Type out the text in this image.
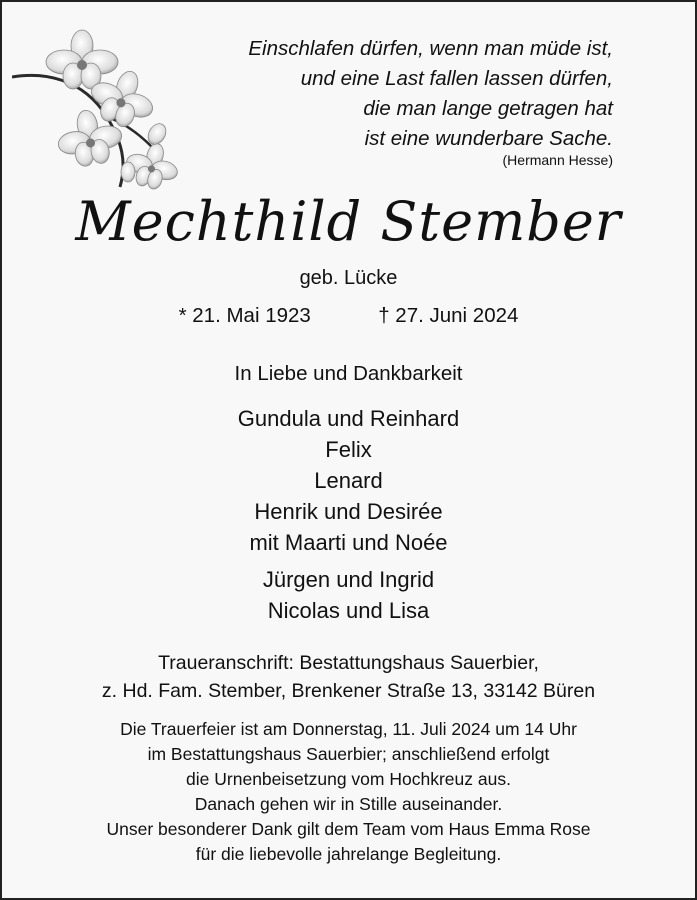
Einschlafen dürfen, wenn man müde ist,
und eine Last fallen lassen dürfen,
die man lange getragen hat
ist eine wunderbare Sache.
(Hermann Hesse)
Mechthild Stember
geb. Lücke
* 21. Mai 1923	† 27. Juni 2024
In Liebe und Dankbarkeit
Gundula und Reinhard
Felix
Lenard
Henrik und Desirée
mit Maarti und Noée
Jürgen und Ingrid
Nicolas und Lisa
Traueranschrift: Bestattungshaus Sauerbier,
z. Hd. Fam. Stember, Brenkener Straße 13, 33142 Büren
Die Trauerfeier ist am Donnerstag, 11. Juli 2024 um 14 Uhr
im Bestattungshaus Sauerbier; anschließend erfolgt
die Urnenbeisetzung vom Hochkreuz aus.
Danach gehen wir in Stille auseinander.
Unser besonderer Dank gilt dem Team vom Haus Emma Rose
für die liebevolle jahrelange Begleitung.
